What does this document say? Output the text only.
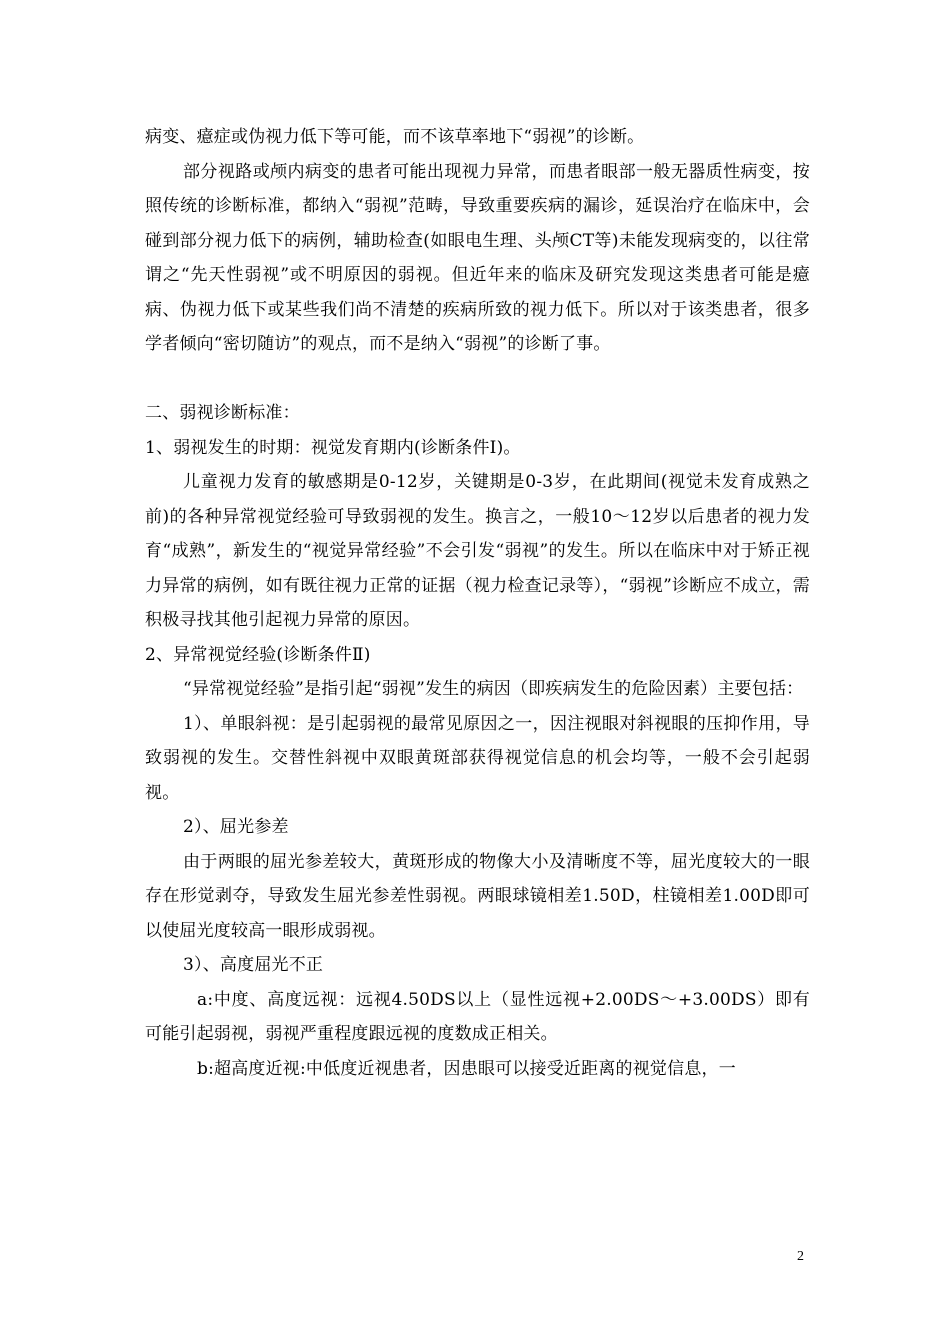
病变、癔症或伪视力低下等可能，而不该草率地下“弱视”的诊断。

部分视路或颅内病变的患者可能出现视力异常，而患者眼部一般无器质性病变，按照传统的诊断标准，都纳入“弱视”范畴，导致重要疾病的漏诊，延误治疗在临床中，会碰到部分视力低下的病例，辅助检查(如眼电生理、头颅CT等)未能发现病变的，以往常谓之“先天性弱视”或不明原因的弱视。但近年来的临床及研究发现这类患者可能是癔病、伪视力低下或某些我们尚不清楚的疾病所致的视力低下。所以对于该类患者，很多学者倾向“密切随访”的观点，而不是纳入“弱视”的诊断了事。

二、弱视诊断标准：

1、弱视发生的时期：视觉发育期内(诊断条件Ⅰ)。

儿童视力发育的敏感期是0-12岁，关键期是0-3岁，在此期间(视觉未发育成熟之前)的各种异常视觉经验可导致弱视的发生。换言之，一般10～12岁以后患者的视力发育“成熟”，新发生的“视觉异常经验”不会引发“弱视”的发生。所以在临床中对于矫正视力异常的病例，如有既往视力正常的证据（视力检查记录等），“弱视”诊断应不成立，需积极寻找其他引起视力异常的原因。

2、异常视觉经验(诊断条件Ⅱ)

“异常视觉经验”是指引起“弱视”发生的病因（即疾病发生的危险因素）主要包括：

1）、单眼斜视：是引起弱视的最常见原因之一，因注视眼对斜视眼的压抑作用，导致弱视的发生。交替性斜视中双眼黄斑部获得视觉信息的机会均等，一般不会引起弱视。

2）、屈光参差

由于两眼的屈光参差较大，黄斑形成的物像大小及清晰度不等，屈光度较大的一眼存在形觉剥夺，导致发生屈光参差性弱视。两眼球镜相差1.50D，柱镜相差1.00D即可以使屈光度较高一眼形成弱视。

3）、高度屈光不正

a:中度、高度远视：远视4.50DS以上（显性远视+2.00DS～+3.00DS）即有可能引起弱视，弱视严重程度跟远视的度数成正相关。

b:超高度近视:中低度近视患者，因患眼可以接受近距离的视觉信息，一

2
